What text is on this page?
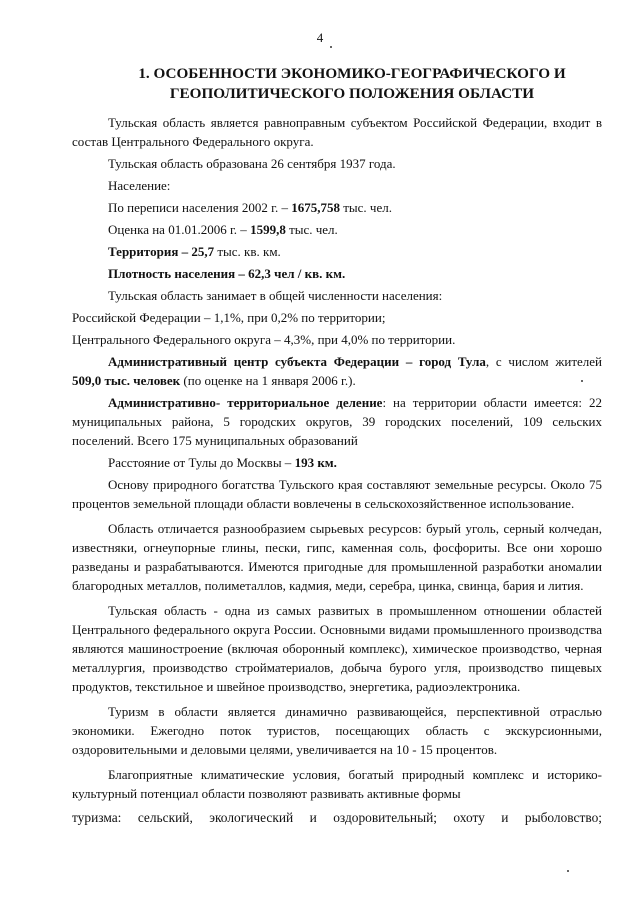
4
1. ОСОБЕННОСТИ ЭКОНОМИКО-ГЕОГРАФИЧЕСКОГО И
ГЕОПОЛИТИЧЕСКОГО ПОЛОЖЕНИЯ ОБЛАСТИ

Тульская область является равноправным субъектом Российской Федерации, входит в состав Центрального Федерального округа.

Тульская область образована 26 сентября 1937 года.

Население:

По переписи населения 2002 г. – 1675,758 тыс. чел.

Оценка на 01.01.2006 г. – 1599,8 тыс. чел.

Территория – 25,7 тыс. кв. км.

Плотность населения – 62,3 чел / кв. км.

Тульская область занимает в общей численности населения:

Российской Федерации – 1,1%, при 0,2% по территории;

Центрального Федерального округа – 4,3%, при 4,0% по территории.

Административный центр субъекта Федерации – город Тула, с числом жителей 509,0 тыс. человек (по оценке на 1 января 2006 г.).

Административно- территориальное деление: на территории области имеется: 22 муниципальных района, 5 городских округов, 39 городских поселений, 109 сельских поселений. Всего 175 муниципальных образований

Расстояние от Тулы до Москвы – 193 км.

Основу природного богатства Тульского края составляют земельные ресурсы. Около 75 процентов земельной площади области вовлечены в сельскохозяйственное использование.

Область отличается разнообразием сырьевых ресурсов: бурый уголь, серный колчедан, известняки, огнеупорные глины, пески, гипс, каменная соль, фосфориты. Все они хорошо разведаны и разрабатываются. Имеются пригодные для промышленной разработки аномалии благородных металлов, полиметаллов, кадмия, меди, серебра, цинка, свинца, бария и лития.

Тульская область - одна из самых развитых в промышленном отношении областей Центрального федерального округа России. Основными видами промышленного производства являются машиностроение (включая оборонный комплекс), химическое производство, черная металлургия, производство стройматериалов, добыча бурого угля, производство пищевых продуктов, текстильное и швейное производство, энергетика, радиоэлектроника.

Туризм в области является динамично развивающейся, перспективной отраслью экономики. Ежегодно поток туристов, посещающих область с экскурсионными, оздоровительными и деловыми целями, увеличивается на 10 - 15 процентов.

Благоприятные климатические условия, богатый природный комплекс и историко-культурный потенциал области позволяют развивать активные формы

туризма: сельский, экологический и оздоровительный; охоту и рыболовство;
